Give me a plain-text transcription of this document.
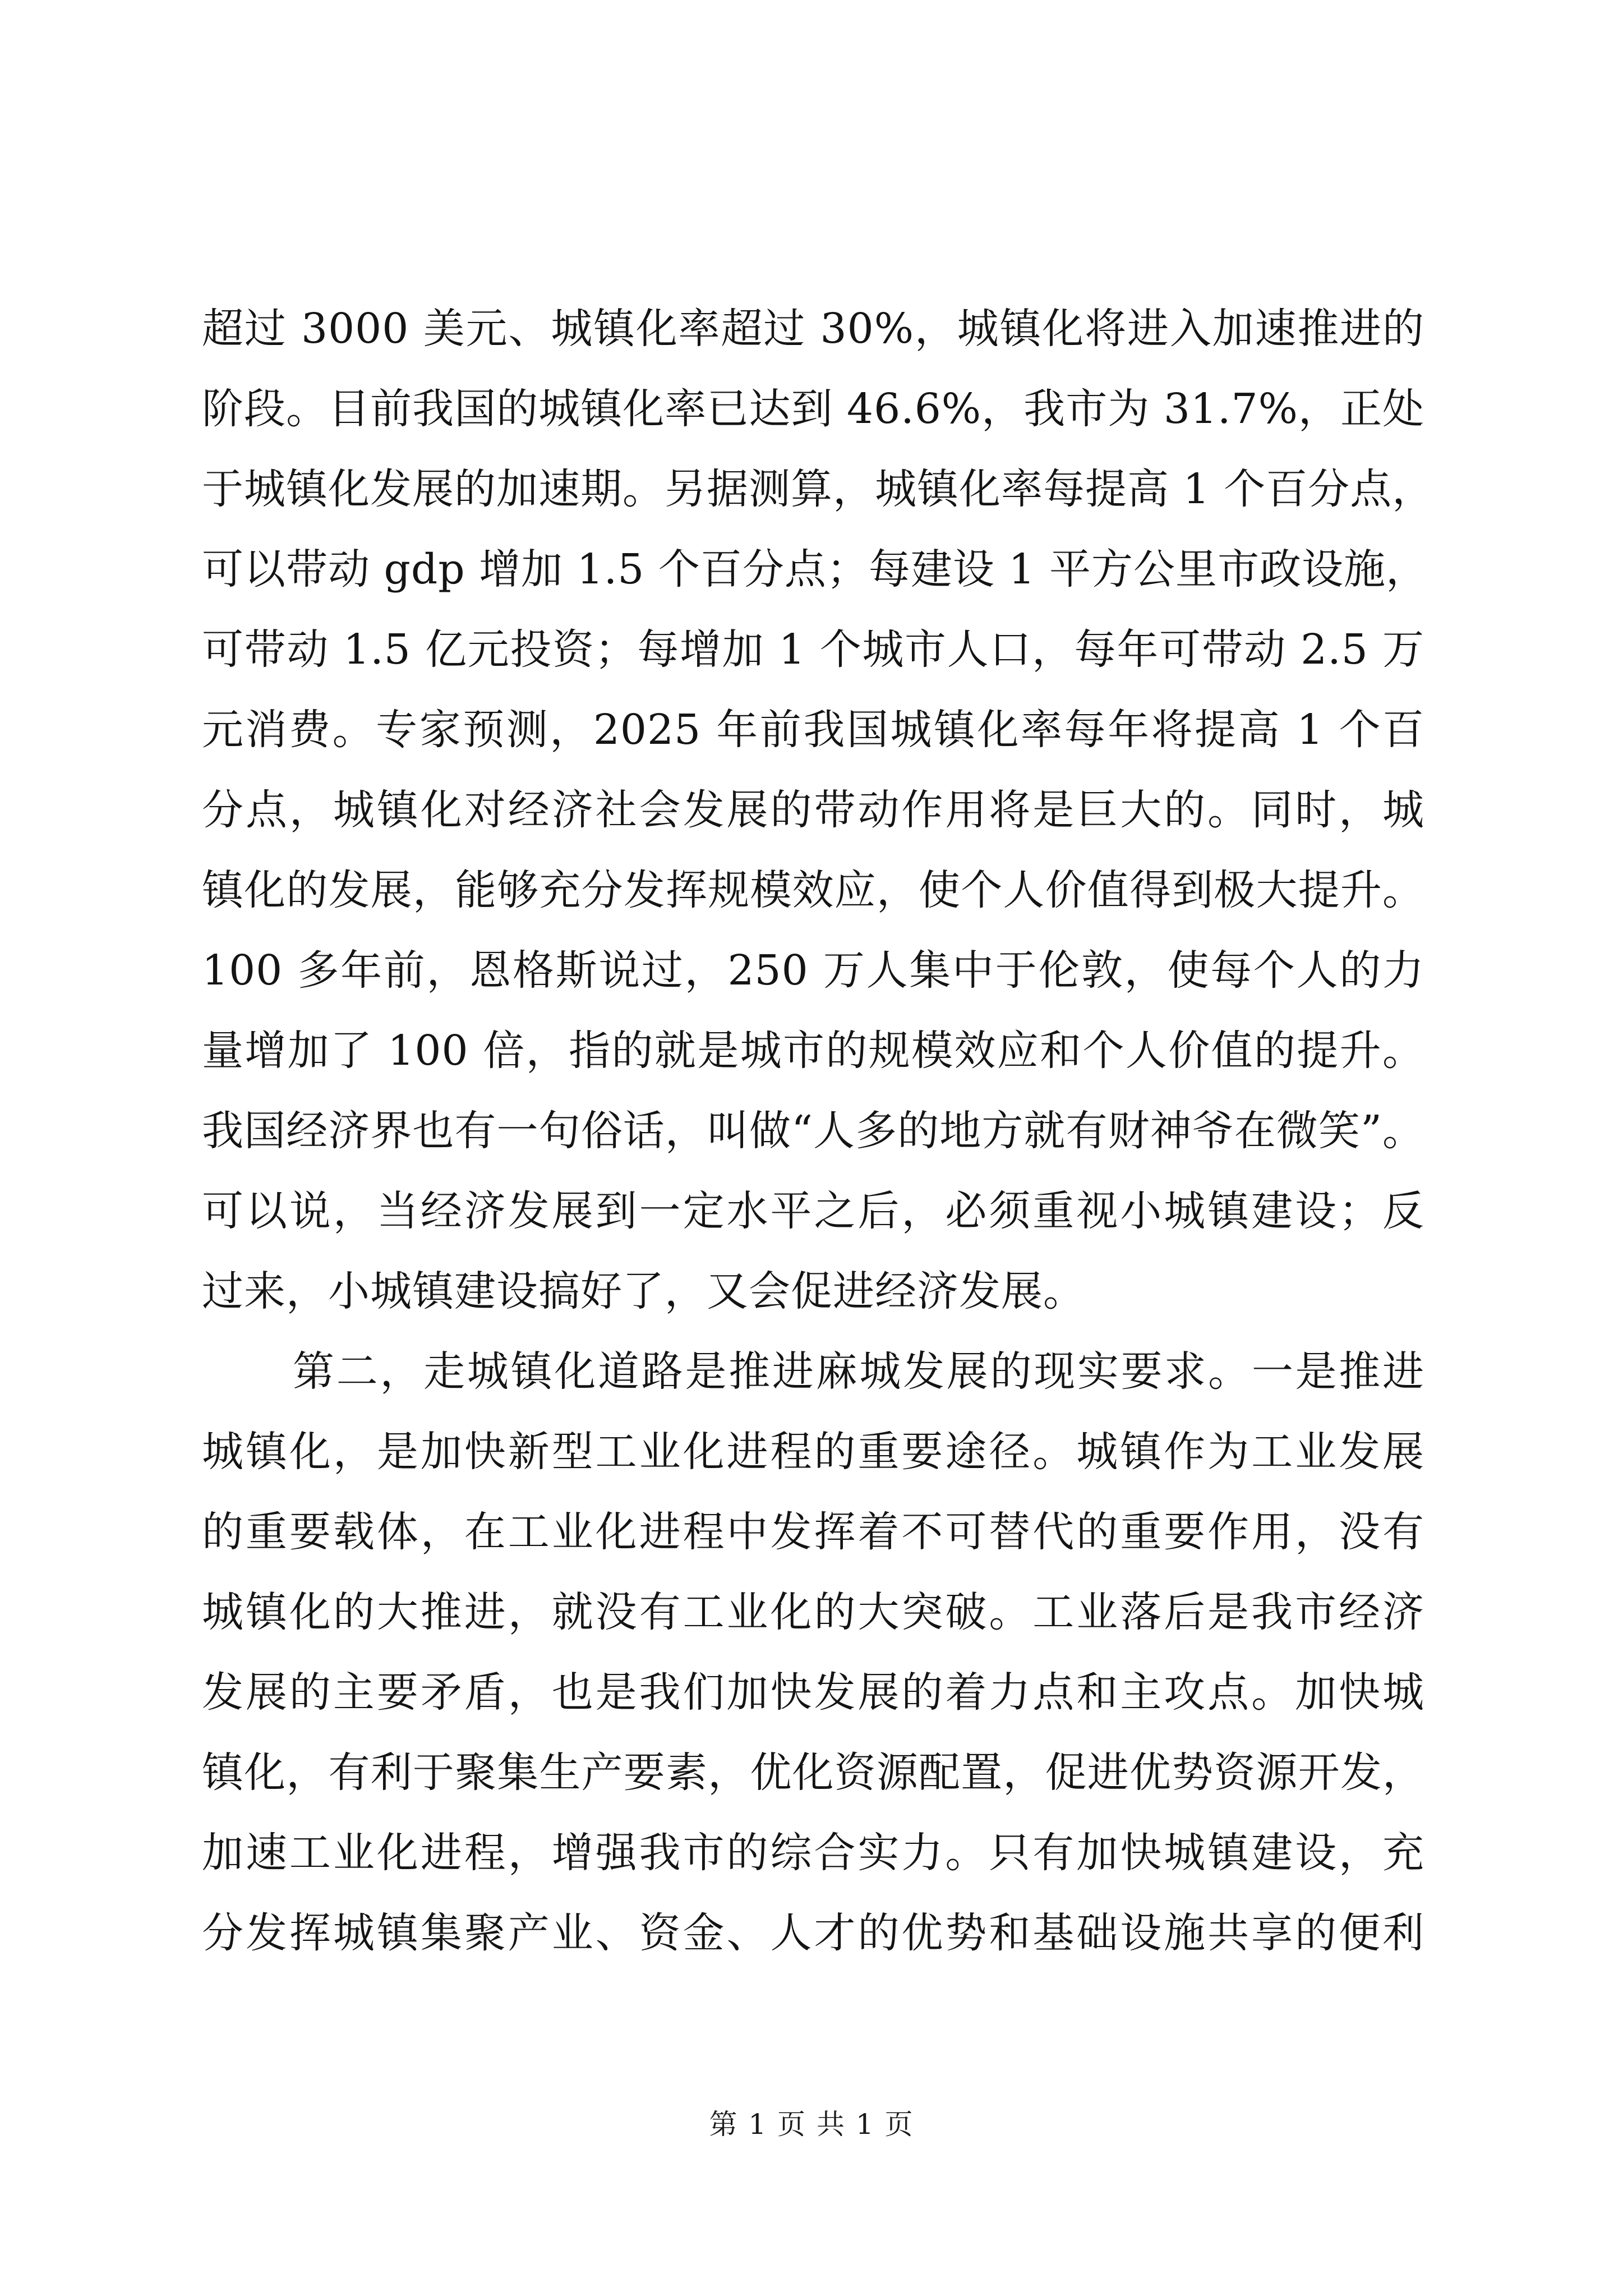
超过 3000 美元、城镇化率超过 30%，城镇化将进入加速推进的
阶段。目前我国的城镇化率已达到 46.6%，我市为 31.7%，正处
于城镇化发展的加速期。另据测算，城镇化率每提高 1 个百分点，
可以带动 gdp 增加 1.5 个百分点；每建设 1 平方公里市政设施，
可带动 1.5 亿元投资；每增加 1 个城市人口，每年可带动 2.5 万
元消费。专家预测，2025 年前我国城镇化率每年将提高 1 个百
分点，城镇化对经济社会发展的带动作用将是巨大的。同时，城
镇化的发展，能够充分发挥规模效应，使个人价值得到极大提升。
100 多年前，恩格斯说过，250 万人集中于伦敦，使每个人的力
量增加了 100 倍，指的就是城市的规模效应和个人价值的提升。
我国经济界也有一句俗话，叫做“人多的地方就有财神爷在微笑”。
可以说，当经济发展到一定水平之后，必须重视小城镇建设；反
过来，小城镇建设搞好了，又会促进经济发展。
第二，走城镇化道路是推进麻城发展的现实要求。一是推进
城镇化，是加快新型工业化进程的重要途径。城镇作为工业发展
的重要载体，在工业化进程中发挥着不可替代的重要作用，没有
城镇化的大推进，就没有工业化的大突破。工业落后是我市经济
发展的主要矛盾，也是我们加快发展的着力点和主攻点。加快城
镇化，有利于聚集生产要素，优化资源配置，促进优势资源开发，
加速工业化进程，增强我市的综合实力。只有加快城镇建设，充
分发挥城镇集聚产业、资金、人才的优势和基础设施共享的便利
第 1 页 共 1 页
